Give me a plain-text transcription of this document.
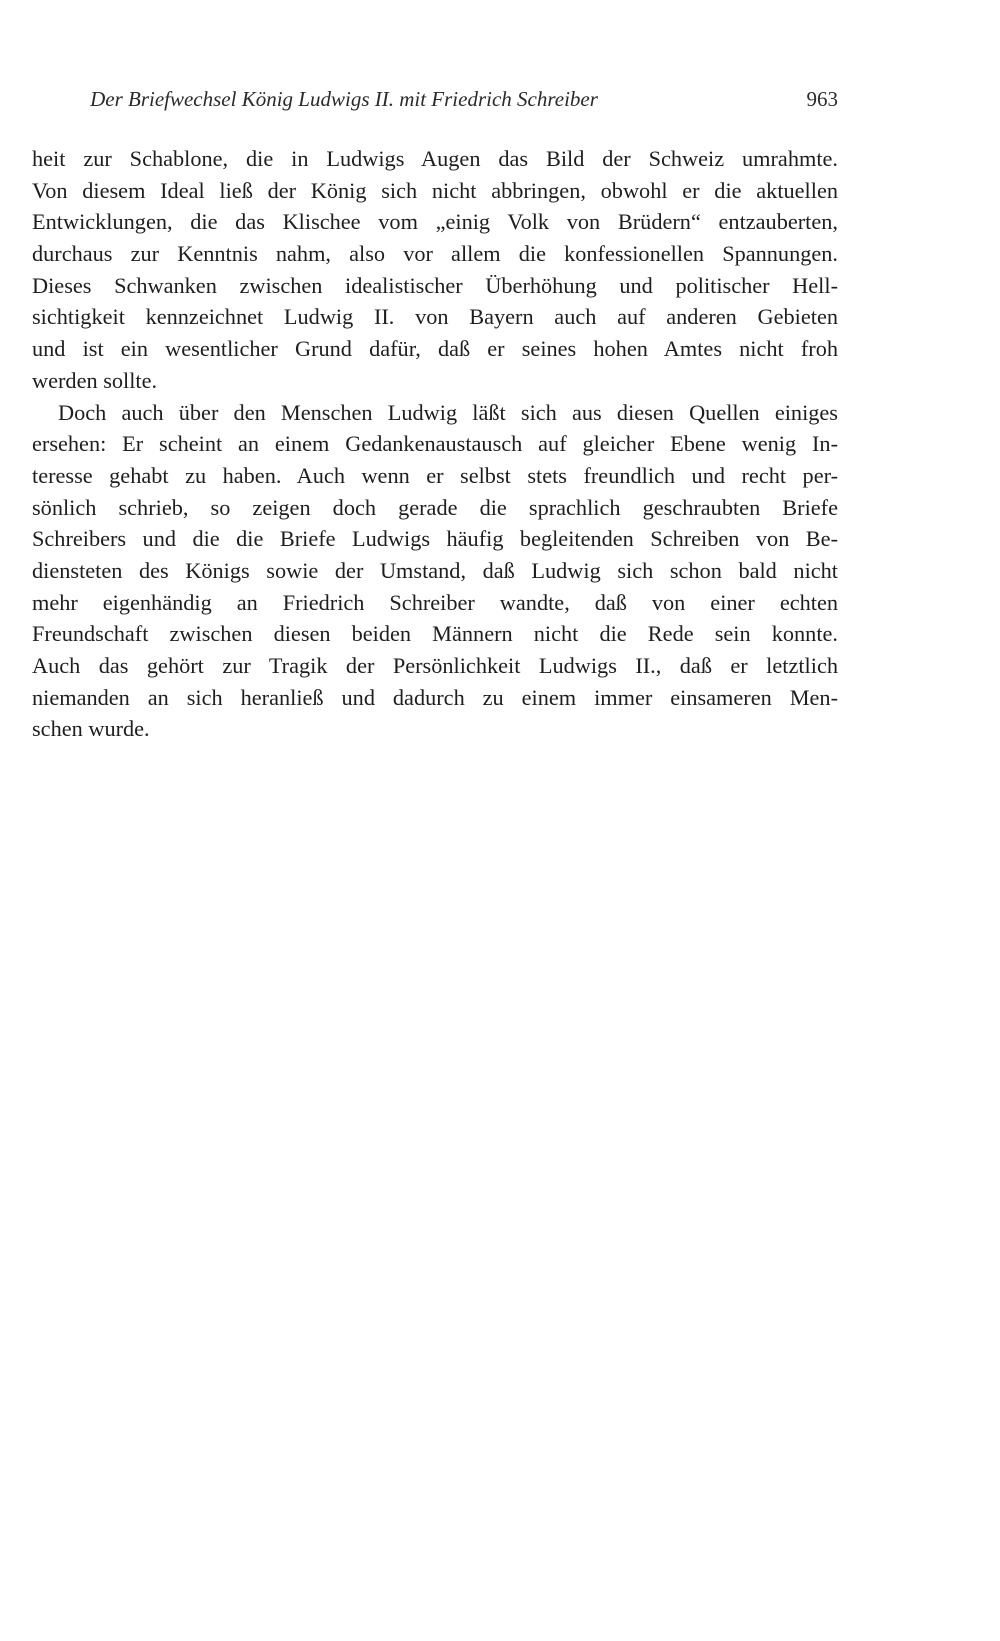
Der Briefwechsel König Ludwigs II. mit Friedrich Schreiber	963
heit zur Schablone, die in Ludwigs Augen das Bild der Schweiz umrahmte.
Von diesem Ideal ließ der König sich nicht abbringen, obwohl er die aktuellen
Entwicklungen, die das Klischee vom „einig Volk von Brüdern“ entzauberten,
durchaus zur Kenntnis nahm, also vor allem die konfessionellen Spannungen.
Dieses Schwanken zwischen idealistischer Überhöhung und politischer Hell-
sichtigkeit kennzeichnet Ludwig II. von Bayern auch auf anderen Gebieten
und ist ein wesentlicher Grund dafür, daß er seines hohen Amtes nicht froh
werden sollte.
Doch auch über den Menschen Ludwig läßt sich aus diesen Quellen einiges
ersehen: Er scheint an einem Gedankenaustausch auf gleicher Ebene wenig In-
teresse gehabt zu haben. Auch wenn er selbst stets freundlich und recht per-
sönlich schrieb, so zeigen doch gerade die sprachlich geschraubten Briefe
Schreibers und die die Briefe Ludwigs häufig begleitenden Schreiben von Be-
diensteten des Königs sowie der Umstand, daß Ludwig sich schon bald nicht
mehr eigenhändig an Friedrich Schreiber wandte, daß von einer echten
Freundschaft zwischen diesen beiden Männern nicht die Rede sein konnte.
Auch das gehört zur Tragik der Persönlichkeit Ludwigs II., daß er letztlich
niemanden an sich heranließ und dadurch zu einem immer einsameren Men-
schen wurde.
